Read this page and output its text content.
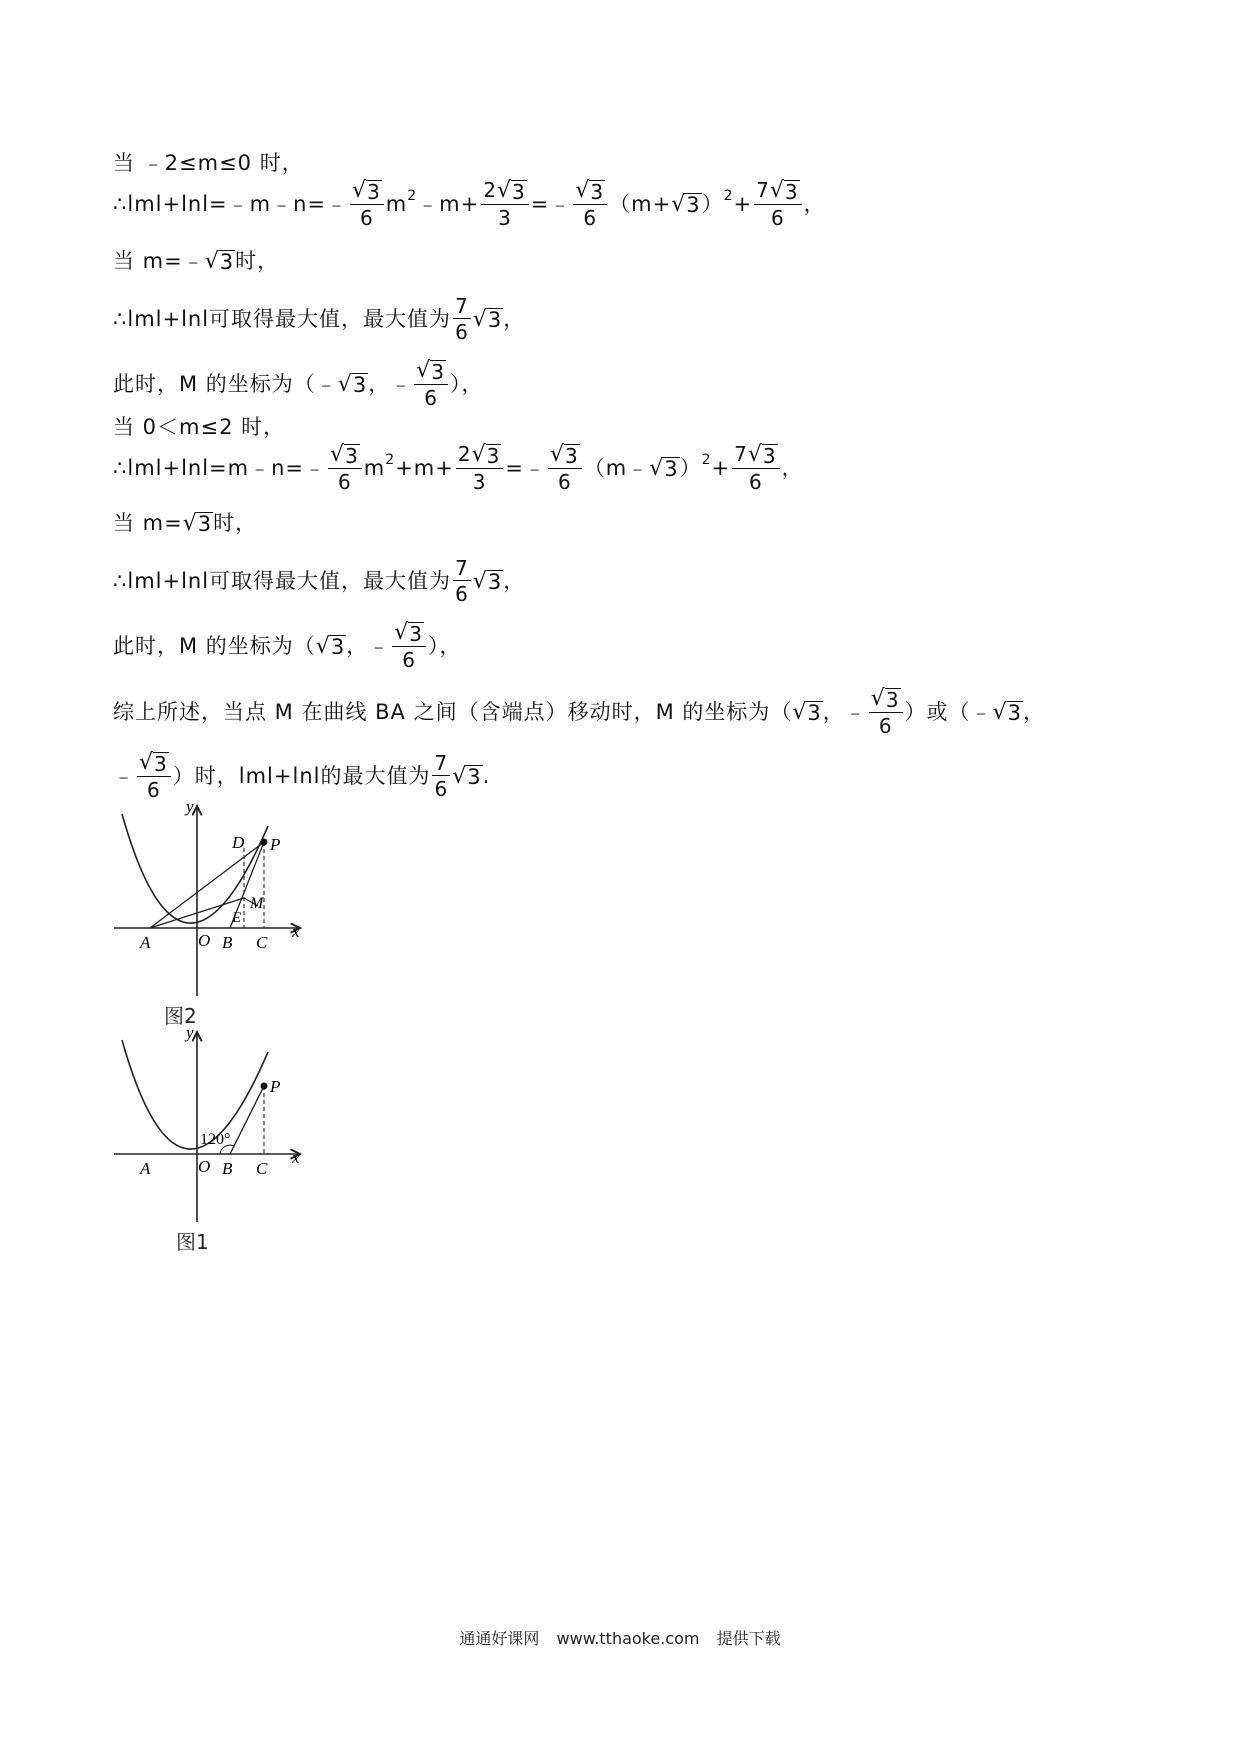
当 ﹣2≤m≤0 时，
∴lml+lnl=﹣m﹣n=﹣ $\frac{√ 3}{6}$ m 2 ﹣m+ $\frac{2 √ 3}{3}$ =﹣ $\frac{√ 3}{6} (m+$ √ 3 ） $2 + \frac{7 √ 3}{6}$ ，
当 m=﹣ √ 3 时，
∴lml+lnl可取得最大值，最大值为 $\frac{7}{6}$ √ 3 ，
此时，M 的坐标为（﹣ √ 3 ，﹣ $\frac{√ 3}{6}$ ），
当 0＜m≤2 时，
∴lml+lnl=m﹣n=﹣ $\frac{√ 3}{6}$ m $2 +m+ \frac{2 √ 3}{3}$ =﹣ $\frac{√ 3}{6}$ （m﹣ √ 3 ） $2 + \frac{7 √ 3}{6}$ ，
当 m= √ 3 时，
∴lml+lnl可取得最大值，最大值为 $\frac{7}{6}$ √ 3 ，
此时，M 的坐标为（ √ 3 ，﹣ $\frac{√ 3}{6}$ ），
综上所述，当点 M 在曲线 BA 之间（含端点）移动时，M 的坐标为（ √ 3 ，﹣ $\frac{√ 3}{6}$ ）或（﹣ √ 3 ，
﹣ $\frac{√ 3}{6}$ ）时，lml+lnl的最大值为 $\frac{7}{6}$ √ 3 .
y
x
A	O B C
D P
M
E
图2
y
x
A	O B C
P
120°
图1
通通好课网 www.tthaoke.com 提供下载
